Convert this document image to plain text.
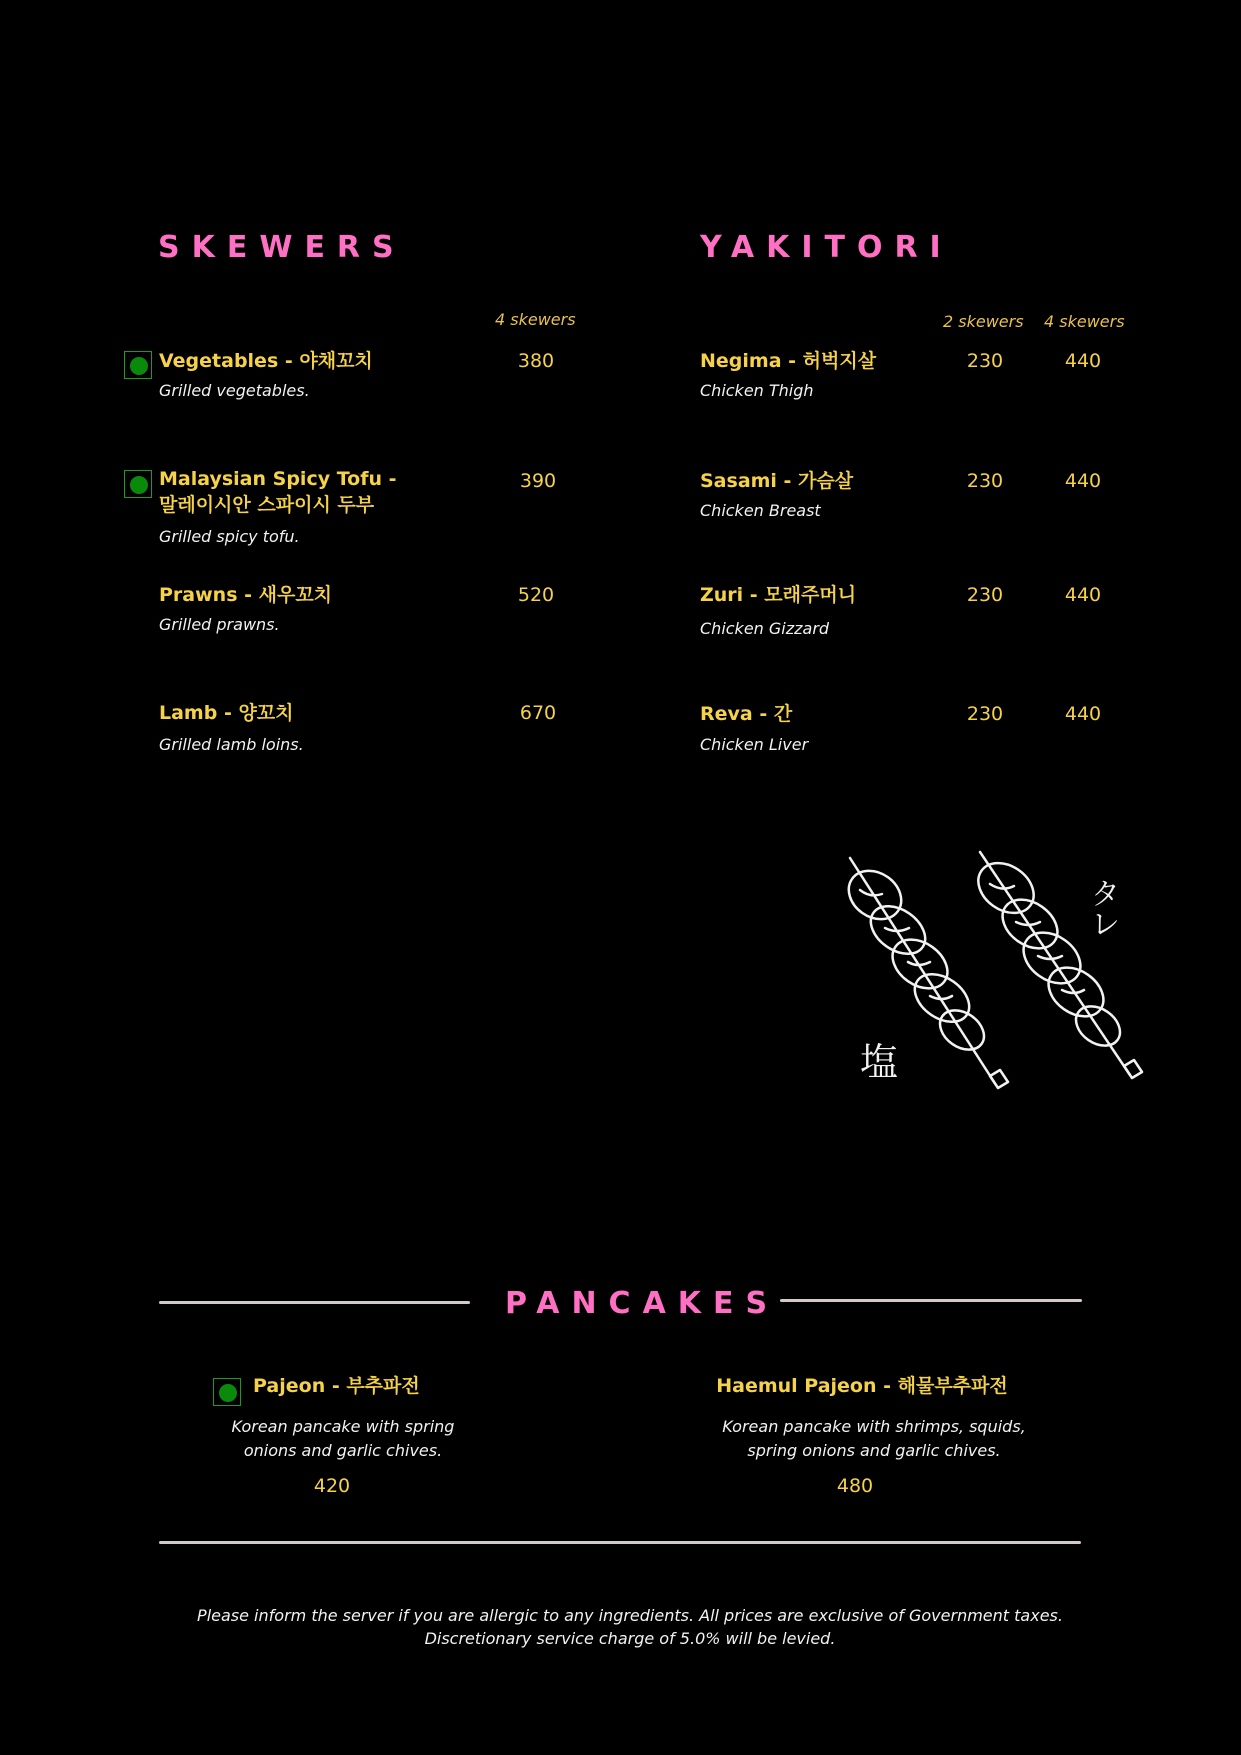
SKEWERS
4 skewers
Vegetables - 야채꼬치
Grilled vegetables.
380
Malaysian Spicy Tofu -
말레이시안 스파이시 두부
Grilled spicy tofu.
390
Prawns - 새우꼬치
Grilled prawns.
520
Lamb - 양꼬치
Grilled lamb loins.
670
YAKITORI
2 skewers 4 skewers
Negima - 허벅지살
Chicken Thigh
230	440
Sasami - 가슴살
Chicken Breast
230	440
Zuri - 모래주머니
Chicken Gizzard
230	440
Reva - 간
Chicken Liver
230	440
塩
タレ
PANCAKES
Pajeon - 부추파전
Korean pancake with spring
onions and garlic chives.
420
Haemul Pajeon - 해물부추파전
Korean pancake with shrimps, squids,
spring onions and garlic chives.
480
Please inform the server if you are allergic to any ingredients. All prices are exclusive of Government taxes.
Discretionary service charge of 5.0% will be levied.
